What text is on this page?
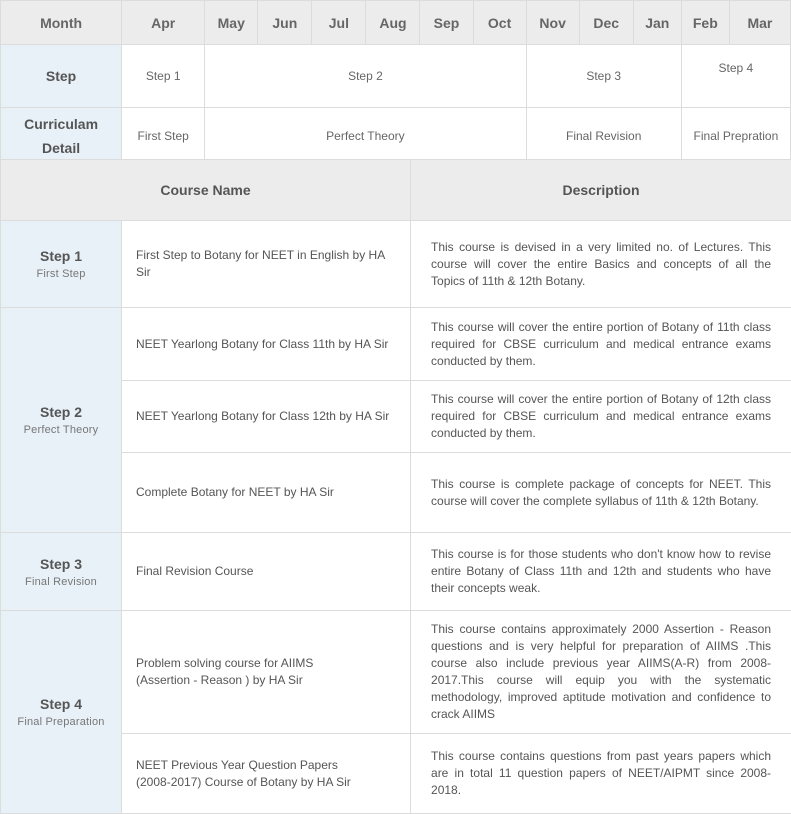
Month	Apr	May	Jun	Jul	Aug	Sep	Oct	Nov	Dec	Jan	Feb	Mar
Step	Step 1	Step 2						Step 3			Step 4	
Curriculam
Detail	First Step	Perfect Theory						Final Revision			Final Prepration	
Course Name		Description

Step 1
First Step	First Step to Botany for NEET in English by HA Sir	This course is devised in a very limited no. of Lectures. This course will cover the entire Basics and concepts of all the Topics of 11th & 12th Botany.

Step 2
Perfect Theory	NEET Yearlong Botany for Class 11th by HA Sir	This course will cover the entire portion of Botany of 11th class required for CBSE curriculum and medical entrance exams conducted by them.
	NEET Yearlong Botany for Class 12th by HA Sir	This course will cover the entire portion of Botany of 12th class required for CBSE curriculum and medical entrance exams conducted by them.
	Complete Botany for NEET by HA Sir	This course is complete package of concepts for NEET. This course will cover the complete syllabus of 11th & 12th Botany.

Step 3
Final Revision	Final Revision Course	This course is for those students who don't know how to revise entire Botany of Class 11th and 12th and students who have their concepts weak.

Step 4
Final Preparation	Problem solving course for AIIMS
(Assertion - Reason ) by HA Sir	This course contains approximately 2000 Assertion - Reason questions and is very helpful for preparation of AIIMS .This course also include previous year AIIMS(A-R) from 2008-2017.This course will equip you with the systematic methodology, improved aptitude motivation and confidence to crack AIIMS
	NEET Previous Year Question Papers
(2008-2017) Course of Botany by HA Sir	This course contains questions from past years papers which are in total 11 question papers of NEET/AIPMT since 2008-2018.
